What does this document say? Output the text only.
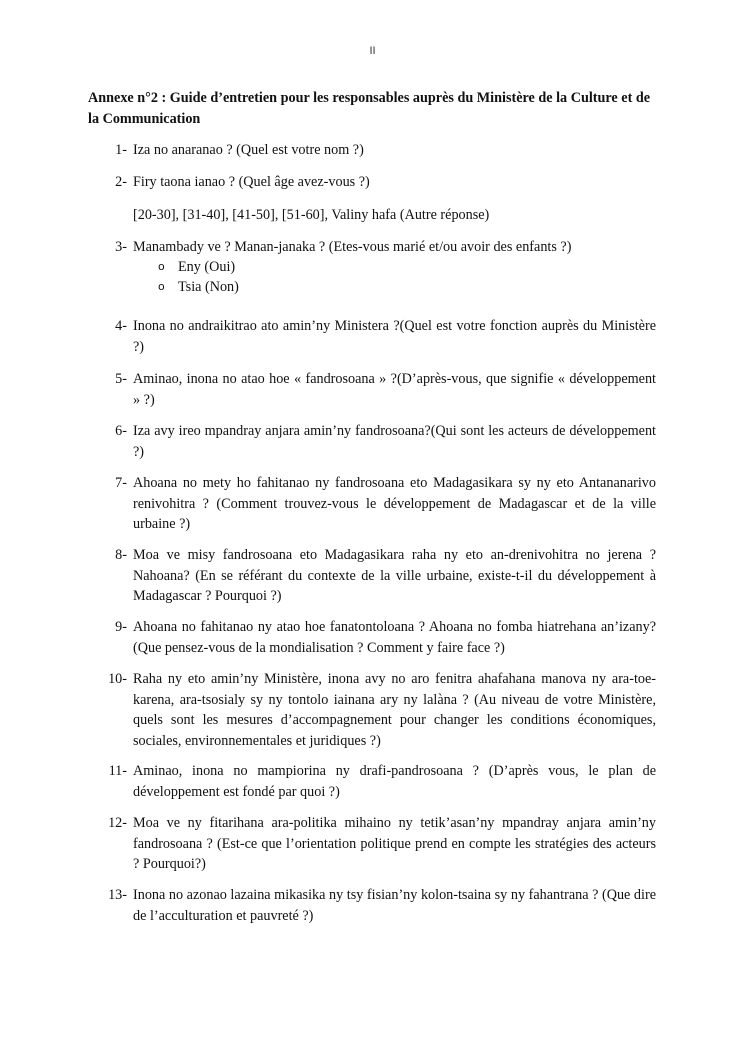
II
Annexe n°2 : Guide d’entretien pour les responsables auprès du Ministère de la Culture et de la Communication
1- Iza no anaranao ? (Quel est votre nom ?)
2- Firy taona ianao ? (Quel âge avez-vous ?)
[20-30], [31-40], [41-50], [51-60], Valiny hafa (Autre réponse)
3- Manambady ve ? Manan-janaka ? (Etes-vous marié et/ou avoir des enfants ?)
o Eny (Oui)
o Tsia (Non)
4- Inona no andraikitrao ato amin’ny Ministera ?(Quel est votre fonction auprès du Ministère ?)
5- Aminao, inona no atao hoe « fandrosoana » ?(D’après-vous, que signifie « développement » ?)
6- Iza avy ireo mpandray anjara amin’ny fandrosoana?(Qui sont les acteurs de développement ?)
7- Ahoana no mety ho fahitanao ny fandrosoana eto Madagasikara sy ny eto Antananarivo renivohitra ? (Comment trouvez-vous le développement de Madagascar et de la ville urbaine ?)
8- Moa ve misy fandrosoana eto Madagasikara raha ny eto an-drenivohitra no jerena ? Nahoana? (En se référant du contexte de la ville urbaine, existe-t-il du développement à Madagascar ? Pourquoi ?)
9- Ahoana no fahitanao ny atao hoe fanatontoloana ? Ahoana no fomba hiatrehana an’izany? (Que pensez-vous de la mondialisation ? Comment y faire face ?)
10- Raha ny eto amin’ny Ministère, inona avy no aro fenitra ahafahana manova ny ara-toe-karena, ara-tsosialy sy ny tontolo iainana ary ny lalàna ? (Au niveau de votre Ministère, quels sont les mesures d’accompagnement pour changer les conditions économiques, sociales, environnementales et juridiques ?)
11- Aminao, inona no mampiorina ny drafi-pandrosoana ? (D’après vous, le plan de développement est fondé par quoi ?)
12- Moa ve ny fitarihana ara-politika mihaino ny tetik’asan’ny mpandray anjara amin’ny fandrosoana ? (Est-ce que l’orientation politique prend en compte les stratégies des acteurs ? Pourquoi?)
13- Inona no azonao lazaina mikasika ny tsy fisian’ny kolon-tsaina sy ny fahantrana ? (Que dire de l’acculturation et pauvreté ?)
